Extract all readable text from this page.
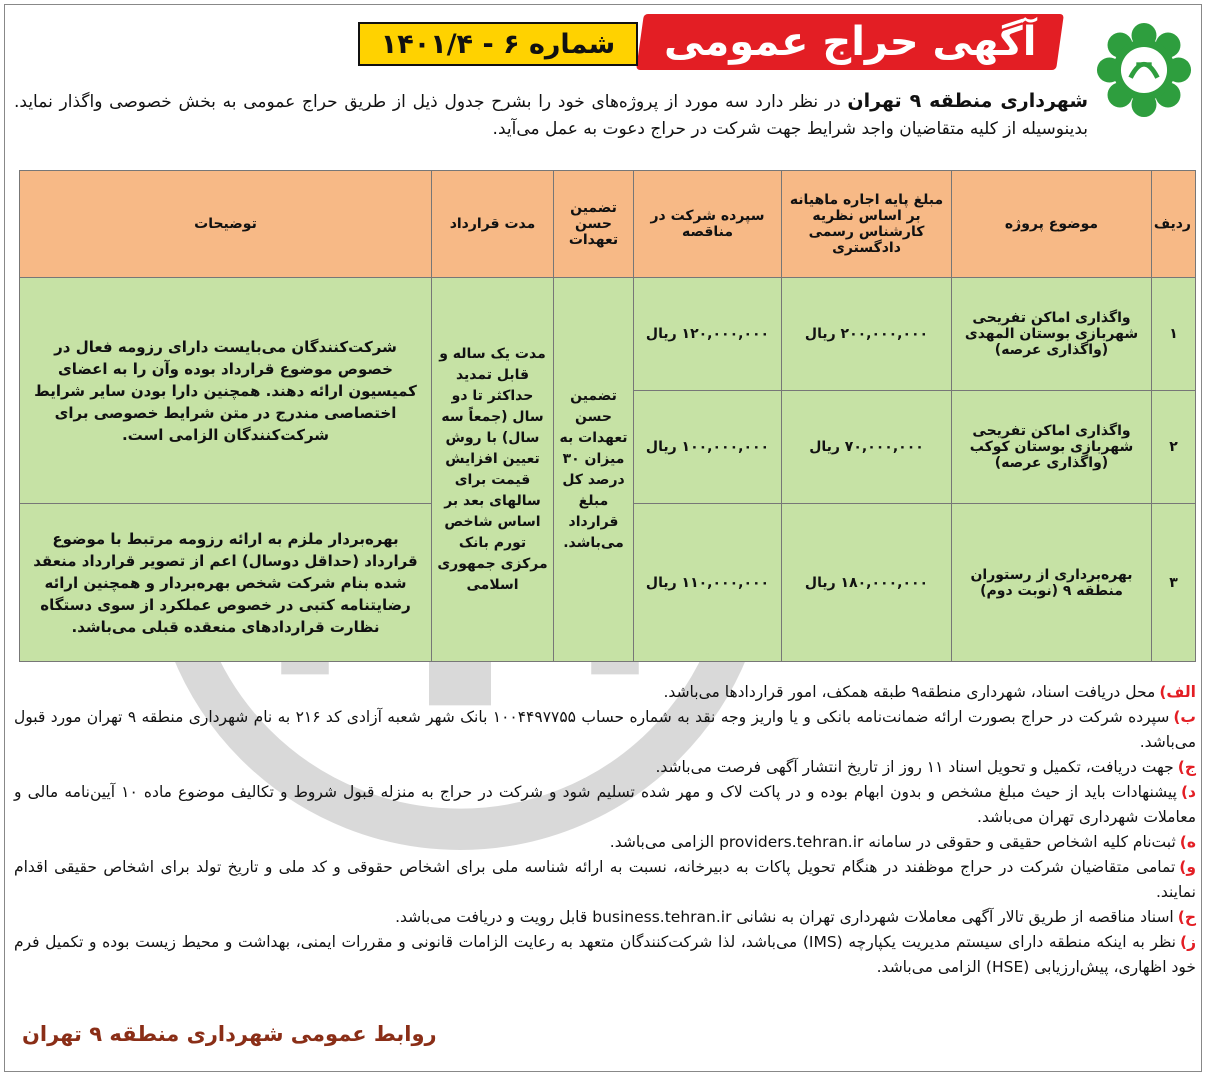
آگهی حراج عمومی
شماره ۶ - ۱۴۰۱/۴
شهرداری منطقه ۹ تهران در نظر دارد سه مورد از پروژه‌های خود را بشرح جدول ذیل از طریق حراج عمومی به بخش خصوصی واگذار نماید. بدینوسیله از کلیه متقاضیان واجد شرایط جهت شرکت در حراج دعوت به عمل می‌آید.
ردیف	موضوع پروژه	مبلغ پایه اجاره ماهیانه بر اساس نظریه کارشناس رسمی دادگستری	سپرده شرکت در مناقصه	تضمین حسن تعهدات	مدت قرارداد	توضیحات
۱	واگذاری اماکن تفریحی شهربازی بوستان المهدی (واگذاری عرصه)	۲۰۰,۰۰۰,۰۰۰ ریال	۱۲۰,۰۰۰,۰۰۰ ریال	تضمین حسن تعهدات به میزان ۳۰ درصد کل مبلغ قرارداد می‌باشد.	مدت یک ساله و قابل تمدید حداکثر تا دو سال (جمعاً سه سال) با روش تعیین افزایش قیمت برای سالهای بعد بر اساس شاخص تورم بانک مرکزی جمهوری اسلامی	شرکت‌کنندگان می‌بایست دارای رزومه فعال در خصوص موضوع قرارداد بوده وآن را به اعضای کمیسیون ارائه دهند. همچنین دارا بودن سایر شرایط اختصاصی مندرج در متن شرایط خصوصی برای شرکت‌کنندگان الزامی است.
۲	واگذاری اماکن تفریحی شهربازی بوستان کوکب (واگذاری عرصه)	۷۰,۰۰۰,۰۰۰ ریال	۱۰۰,۰۰۰,۰۰۰ ریال			
۳	بهره‌برداری از رستوران منطقه ۹ (نوبت دوم)	۱۸۰,۰۰۰,۰۰۰ ریال	۱۱۰,۰۰۰,۰۰۰ ریال			بهره‌بردار ملزم به ارائه رزومه مرتبط با موضوع قرارداد (حداقل دوسال) اعم از تصویر قرارداد منعقد شده بنام شرکت شخص بهره‌بردار و همچنین ارائه رضایتنامه کتبی در خصوص عملکرد از سوی دستگاه نظارت قراردادهای منعقده قبلی می‌باشد.

الف)محل دریافت اسناد، شهرداری منطقه۹ طبقه همکف، امور قراردادها می‌باشد.

ب)سپرده شرکت در حراج بصورت ارائه ضمانت‌نامه بانکی و یا واریز وجه نقد به شماره حساب ۱۰۰۴۴۹۷۷۵۵ بانک شهر شعبه آزادی کد ۲۱۶ به نام شهرداری منطقه ۹ تهران مورد قبول می‌باشد.

ج)جهت دریافت، تکمیل و تحویل اسناد ۱۱ روز از تاریخ انتشار آگهی فرصت می‌باشد.

د)پیشنهادات باید از حیث مبلغ مشخص و بدون ابهام بوده و در پاکت لاک و مهر شده تسلیم شود و شرکت در حراج به منزله قبول شروط و تکالیف موضوع ماده ۱۰ آیین‌نامه مالی و معاملات شهرداری تهران می‌باشد.

ه)ثبت‌نام کلیه اشخاص حقیقی و حقوقی در سامانه providers.tehran.ir الزامی می‌باشد.

و)تمامی متقاضیان شرکت در حراج موظفند در هنگام تحویل پاکات به دبیرخانه، نسبت به ارائه شناسه ملی برای اشخاص حقوقی و کد ملی و تاریخ تولد برای اشخاص حقیقی اقدام نمایند.

ح)اسناد مناقصه از طریق تالار آگهی معاملات شهرداری تهران به نشانی business.tehran.ir قابل رویت و دریافت می‌باشد.

ز)نظر به اینکه منطقه دارای سیستم مدیریت یکپارچه (IMS) می‌باشد، لذا شرکت‌کنندگان متعهد به رعایت الزامات قانونی و مقررات ایمنی، بهداشت و محیط زیست بوده و تکمیل فرم خود اظهاری، پیش‌ارزیابی (HSE) الزامی می‌باشد.

روابط عمومی شهرداری منطقه ۹ تهران
